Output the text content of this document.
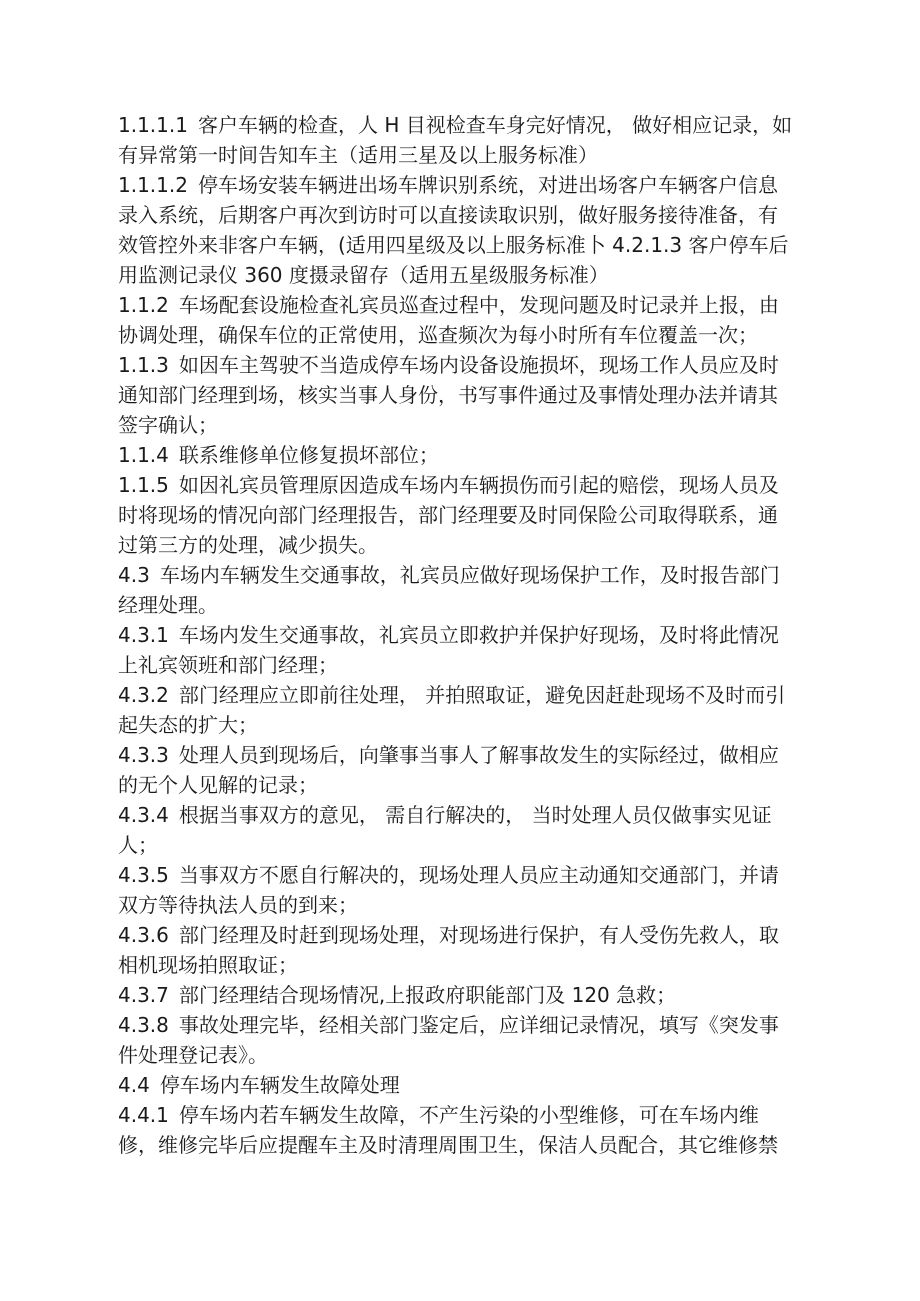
1.1.1.1 客户车辆的检查，人 H 目视检查车身完好情况， 做好相应记录，如
有异常第一时间告知车主（适用三星及以上服务标准）
1.1.1.2 停车场安装车辆进出场车牌识别系统，对进出场客户车辆客户信息
录入系统，后期客户再次到访时可以直接读取识别，做好服务接待准备，有
效管控外来非客户车辆，(适用四星级及以上服务标准卜 4.2.1.3 客户停车后
用监测记录仪 360 度摄录留存（适用五星级服务标准）
1.1.2 车场配套设施检查礼宾员巡查过程中，发现问题及时记录并上报，由
协调处理，确保车位的正常使用，巡查频次为每小时所有车位覆盖一次；
1.1.3 如因车主驾驶不当造成停车场内设备设施损坏，现场工作人员应及时
通知部门经理到场，核实当事人身份，书写事件通过及事情处理办法并请其
签字确认；
1.1.4 联系维修单位修复损坏部位；
1.1.5 如因礼宾员管理原因造成车场内车辆损伤而引起的赔偿，现场人员及
时将现场的情况向部门经理报告，部门经理要及时同保险公司取得联系，通
过第三方的处理，减少损失。
4.3 车场内车辆发生交通事故，礼宾员应做好现场保护工作，及时报告部门
经理处理。
4.3.1 车场内发生交通事故，礼宾员立即救护并保护好现场，及时将此情况
上礼宾领班和部门经理；
4.3.2 部门经理应立即前往处理， 并拍照取证，避免因赶赴现场不及时而引
起失态的扩大；
4.3.3 处理人员到现场后，向肇事当事人了解事故发生的实际经过，做相应
的无个人见解的记录；
4.3.4 根据当事双方的意见， 需自行解决的， 当时处理人员仅做事实见证
人；
4.3.5 当事双方不愿自行解决的，现场处理人员应主动通知交通部门，并请
双方等待执法人员的到来；
4.3.6 部门经理及时赶到现场处理，对现场进行保护，有人受伤先救人，取
相机现场拍照取证；
4.3.7 部门经理结合现场情况,上报政府职能部门及 120 急救；
4.3.8 事故处理完毕，经相关部门鉴定后，应详细记录情况，填写《突发事
件处理登记表》。
4.4 停车场内车辆发生故障处理
4.4.1 停车场内若车辆发生故障，不产生污染的小型维修，可在车场内维
修，维修完毕后应提醒车主及时清理周围卫生，保洁人员配合，其它维修禁
